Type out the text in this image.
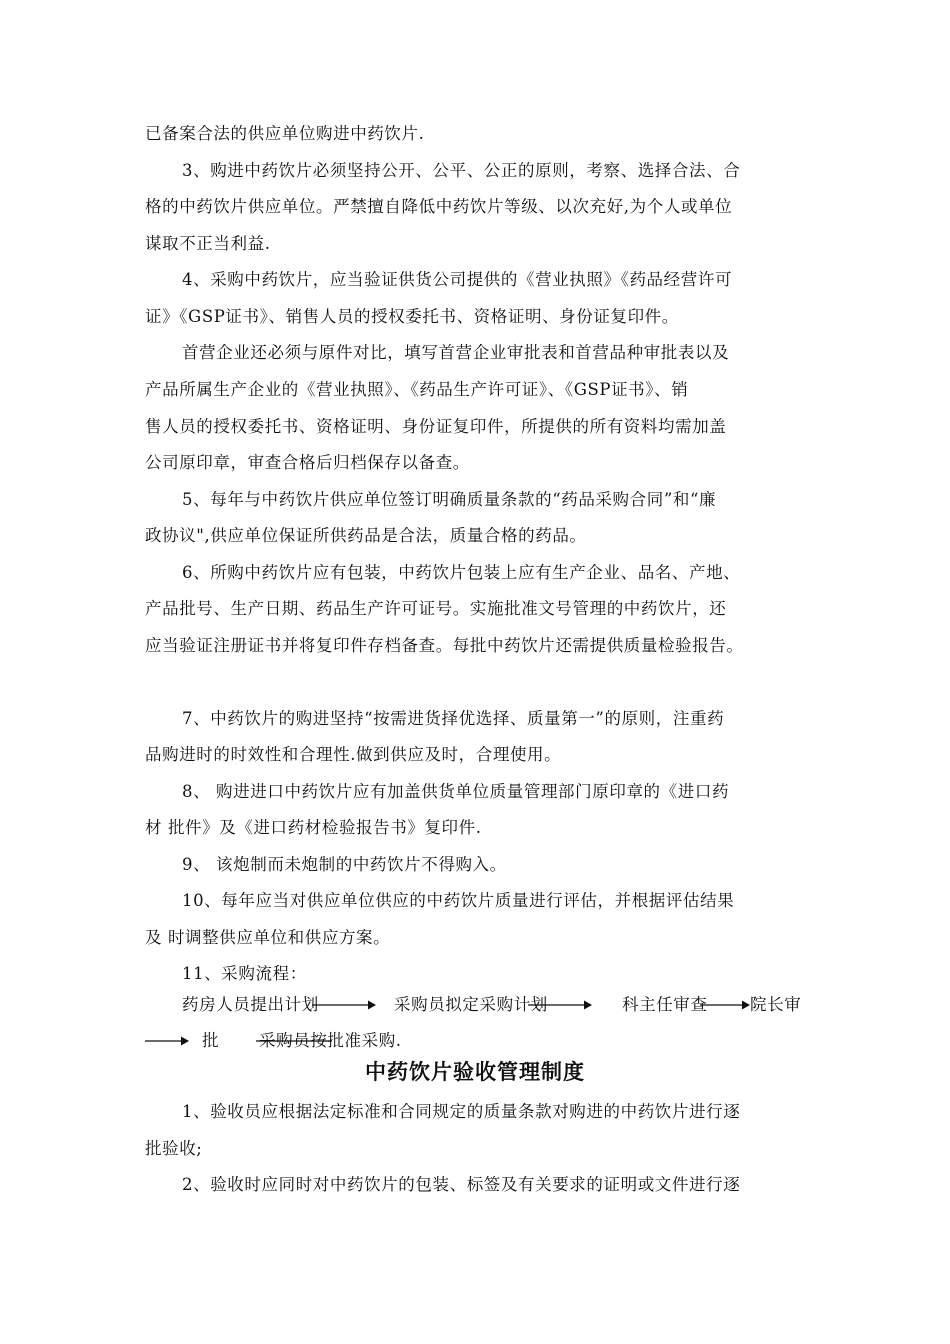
已备案合法的供应单位购进中药饮片.
3、购进中药饮片必须坚持公开、公平、公正的原则，考察、选择合法、合
格的中药饮片供应单位。严禁擅自降低中药饮片等级、以次充好,为个人或单位
谋取不正当利益.
4、采购中药饮片，应当验证供货公司提供的《营业执照》《药品经营许可
证》《GSP证书》、销售人员的授权委托书、资格证明、身份证复印件。
首营企业还必须与原件对比，填写首营企业审批表和首营品种审批表以及
产品所属生产企业的《营业执照》、《药品生产许可证》、《GSP证书》、销
售人员的授权委托书、资格证明、身份证复印件，所提供的所有资料均需加盖
公司原印章，审查合格后归档保存以备查。
5、每年与中药饮片供应单位签订明确质量条款的“药品采购合同”和“廉
政协议",供应单位保证所供药品是合法，质量合格的药品。
6、所购中药饮片应有包装，中药饮片包装上应有生产企业、品名、产地、
产品批号、生产日期、药品生产许可证号。实施批准文号管理的中药饮片，还
应当验证注册证书并将复印件存档备查。每批中药饮片还需提供质量检验报告。
7、中药饮片的购进坚持“按需进货择优选择、质量第一”的原则，注重药
品购进时的时效性和合理性.做到供应及时，合理使用。
8、 购进进口中药饮片应有加盖供货单位质量管理部门原印章的《进口药
材 批件》及《进口药材检验报告书》复印件.
9、 该炮制而未炮制的中药饮片不得购入。
10、每年应当对供应单位供应的中药饮片质量进行评估，并根据评估结果
及 时调整供应单位和供应方案。
11、采购流程：
药房人员提出计划	采购员拟定采购计划	科主任审查	院长审
批 采购员按批准采购.
中药饮片验收管理制度
1、验收员应根据法定标准和合同规定的质量条款对购进的中药饮片进行逐
批验收;
2、验收时应同时对中药饮片的包装、标签及有关要求的证明或文件进行逐
